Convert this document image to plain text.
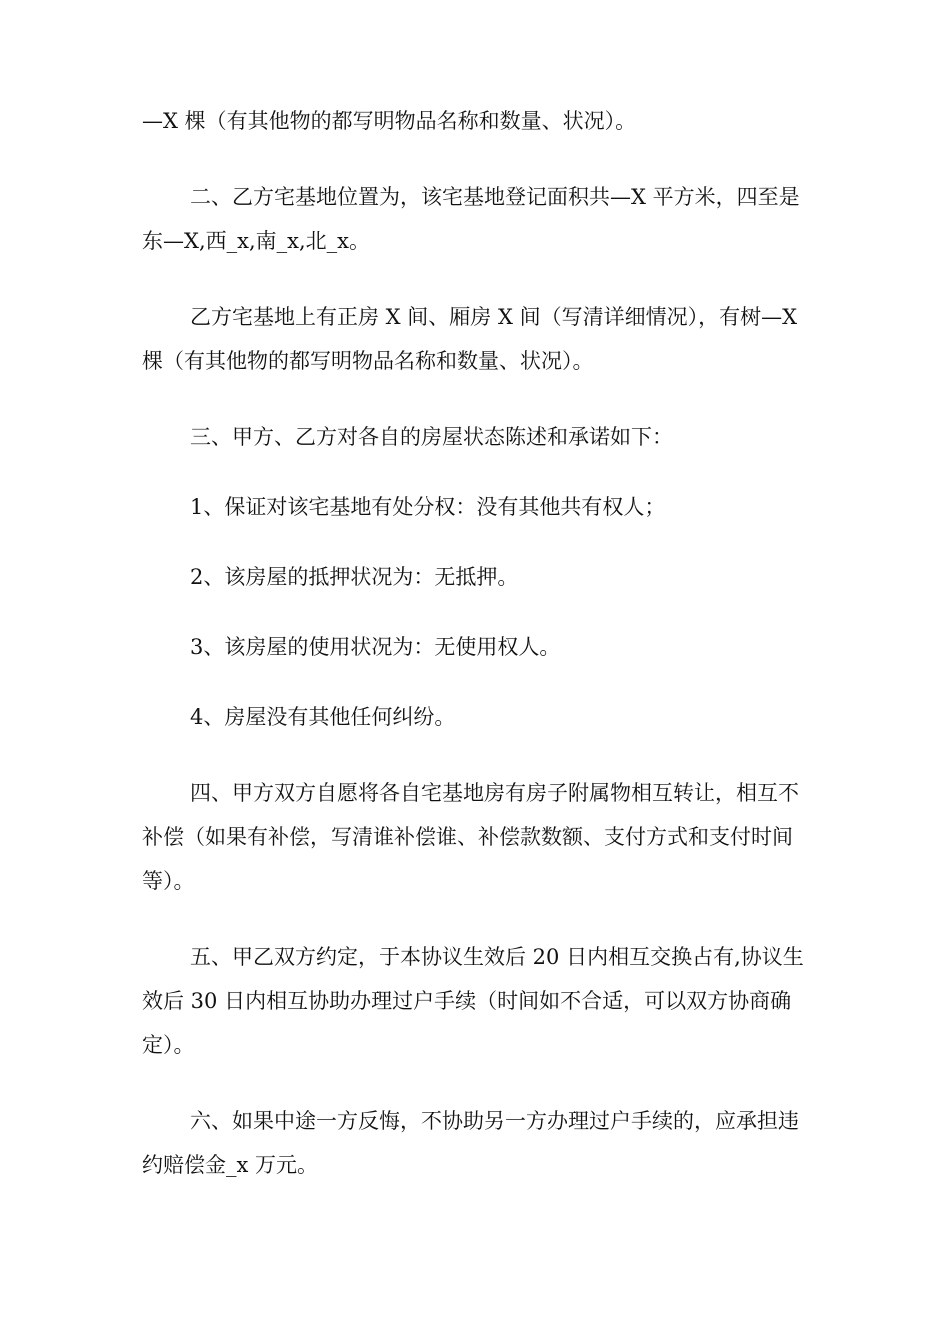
—X 棵（有其他物的都写明物品名称和数量、状况）。

二、乙方宅基地位置为，该宅基地登记面积共—X 平方米，四至是东—X,西_x,南_x,北_x。

乙方宅基地上有正房 X 间、厢房 X 间（写清详细情况），有树—X 棵（有其他物的都写明物品名称和数量、状况）。

三、甲方、乙方对各自的房屋状态陈述和承诺如下：

1、保证对该宅基地有处分权：没有其他共有权人；

2、该房屋的抵押状况为：无抵押。

3、该房屋的使用状况为：无使用权人。

4、房屋没有其他任何纠纷。

四、甲方双方自愿将各自宅基地房有房子附属物相互转让，相互不补偿（如果有补偿，写清谁补偿谁、补偿款数额、支付方式和支付时间等）。

五、甲乙双方约定，于本协议生效后 20 日内相互交换占有,协议生效后 30 日内相互协助办理过户手续（时间如不合适，可以双方协商确定）。

六、如果中途一方反悔，不协助另一方办理过户手续的，应承担违约赔偿金_x 万元。
